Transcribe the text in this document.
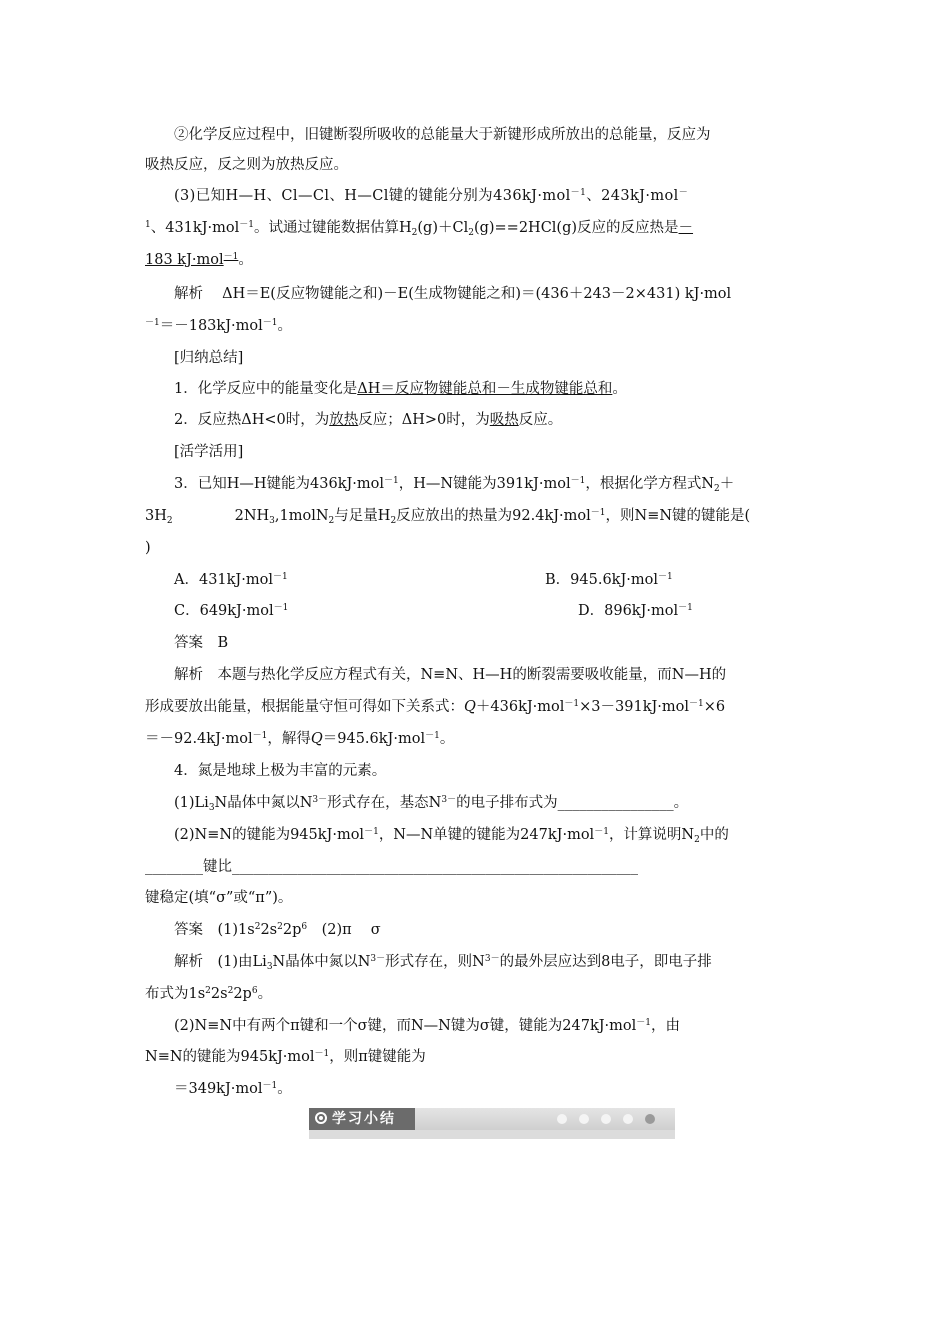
②化学反应过程中，旧键断裂所吸收的总能量大于新键形成所放出的总能量，反应为
吸热反应，反之则为放热反应。
(3)已知H—H、Cl—Cl、H—Cl键的键能分别为436kJ·mol$^{-1}$、243kJ·mol－
$^1$、431kJ·mol$^{-1}$。试通过键能数据估算$H_2(g)+Cl_2(g)==2HCl(g)$反应的反应热是－
183 kJ·mol$^{-1}$。
解析　 ΔH＝E(反应物键能之和)－E(生成物键能之和)＝(436＋243－2×431) kJ·mol
$^{-1}$＝－183kJ·mol$^{-1}$。
[归纳总结]
1．化学反应中的能量变化是ΔH＝反应物键能总和－生成物键能总和。
2．反应热ΔH<0时，为放热反应；ΔH>0时，为吸热反应。
[活学活用]
3．已知H—H键能为436kJ·mol$^{-1}$，H—N键能为391kJ·mol$^{-1}$，根据化学方程式$N_2+$
$3H_2$	$2NH_3,1molN_2$与足量$H_2$反应放出的热量为92.4kJ·mol$^{-1}$，则N≡N键的键能是(
)
A．431kJ·mol$^{-1}$	B．945.6kJ·mol$^{-1}$
C．649kJ·mol$^{-1}$	D．896kJ·mol$^{-1}$
答案　B
解析　本题与热化学反应方程式有关，N≡N、H—H的断裂需要吸收能量，而N—H的
形成要放出能量，根据能量守恒可得如下关系式：Q＋436kJ·mol$^{-1}$×3－391kJ·mol$^{-1}$×6
＝－92.4kJ·mol$^{-1}$，解得Q＝945.6kJ·mol$^{-1}$。
4．氮是地球上极为丰富的元素。
$(1)Li_3N$晶体中氮以$N^{3-}$形式存在，基态$N^{3-}$的电子排布式为________________。
(2)N≡N的键能为945kJ·mol$^{-1}$，N—N单键的键能为247kJ·mol$^{-1}$，计算说明$N_2$中的
________键比________________________________________________________
键稳定(填“σ”或“π”)。
答案　$(1)1s^22s^22p^6$　(2)π　 σ
解析　(1)由$Li_3N$晶体中氮以$N^{3-}$形式存在，则$N^{3-}$的最外层应达到8电子，即电子排
布式为$1s^22s^22p^6$。
(2)N≡N中有两个π键和一个σ键，而N—N键为σ键，键能为247kJ·mol$^{-1}$，由
N≡N的键能为945kJ·mol$^{-1}$，则π键键能为
＝349kJ·mol$^{-1}$。
学习小结
